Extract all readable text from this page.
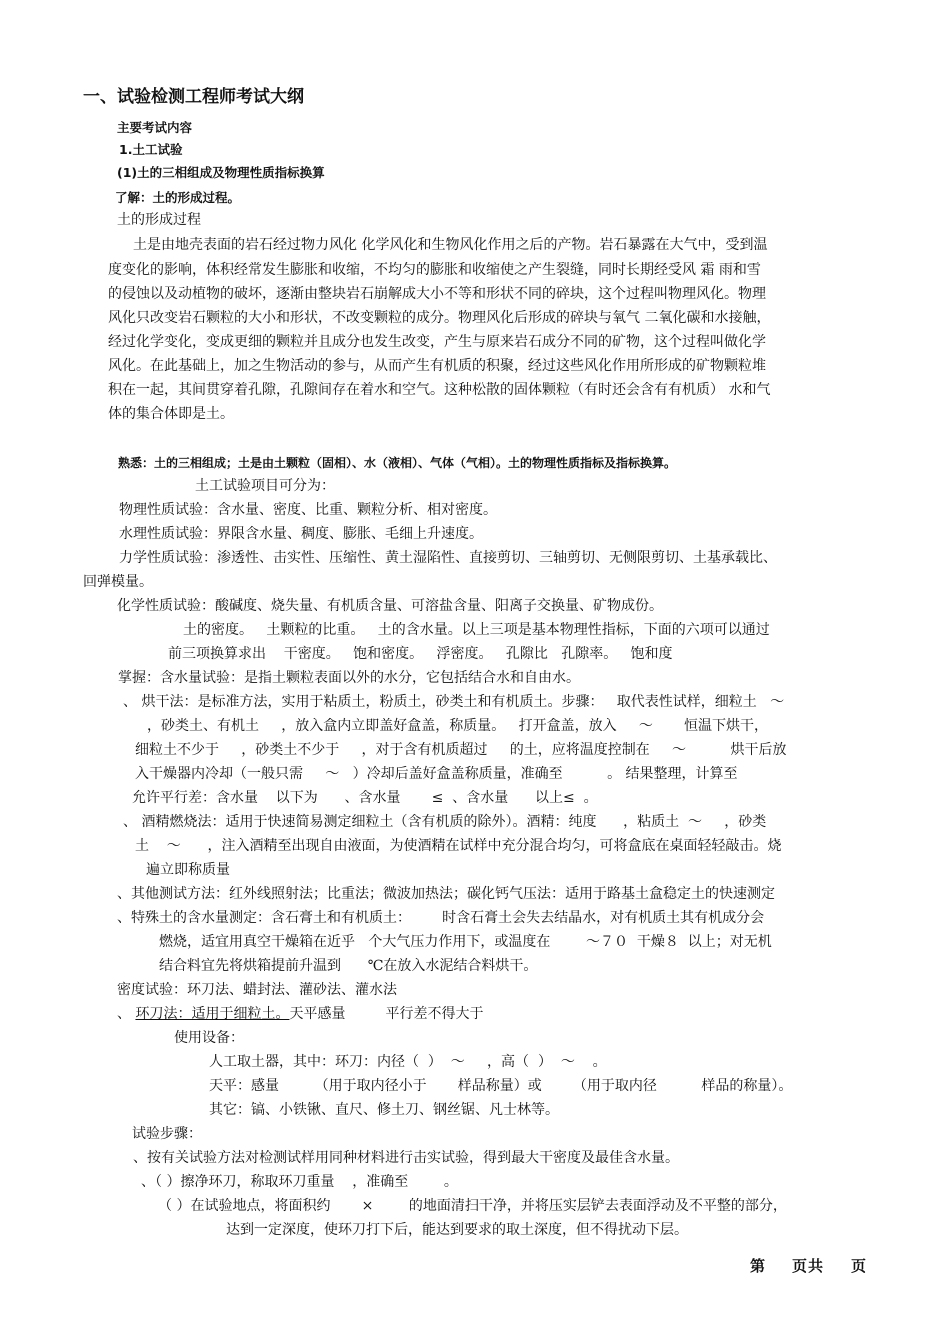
一、试验检测工程师考试大纲
主要考试内容
1.土工试验
(1)土的三相组成及物理性质指标换算
了解：土的形成过程。
土的形成过程
土是由地壳表面的岩石经过物力风化 化学风化和生物风化作用之后的产物。岩石暴露在大气中，受到温
度变化的影响，体积经常发生膨胀和收缩，不均匀的膨胀和收缩使之产生裂缝，同时长期经受风 霜 雨和雪
的侵蚀以及动植物的破坏，逐渐由整块岩石崩解成大小不等和形状不同的碎块，这个过程叫物理风化。物理
风化只改变岩石颗粒的大小和形状，不改变颗粒的成分。物理风化后形成的碎块与氧气 二氧化碳和水接触，
经过化学变化，变成更细的颗粒并且成分也发生改变，产生与原来岩石成分不同的矿物，这个过程叫做化学
风化。在此基础上，加之生物活动的参与，从而产生有机质的积聚，经过这些风化作用所形成的矿物颗粒堆
积在一起，其间贯穿着孔隙，孔隙间存在着水和空气。这种松散的固体颗粒（有时还会含有有机质） 水和气
体的集合体即是土。
熟悉：土的三相组成；土是由土颗粒（固相）、水（液相）、气体（气相）。土的物理性质指标及指标换算。
土工试验项目可分为：
物理性质试验：含水量、密度、比重、颗粒分析、相对密度。
水理性质试验：界限含水量、稠度、膨胀、毛细上升速度。
力学性质试验：渗透性、击实性、压缩性、黄土湿陷性、直接剪切、三轴剪切、无侧限剪切、土基承载比、
回弹模量。
化学性质试验：酸碱度、烧失量、有机质含量、可溶盐含量、阳离子交换量、矿物成份。
土的密度。   土颗粒的比重。   土的含水量。以上三项是基本物理性指标，下面的六项可以通过
前三项换算求出    干密度。   饱和密度。   浮密度。   孔隙比   孔隙率。   饱和度
掌握：含水量试验：是指土颗粒表面以外的水分，它包括结合水和自由水。
、 烘干法：是标准方法，实用于粘质土，粉质土，砂类土和有机质土。步骤：   取代表性试样，细粒土   ～
，砂类土、有机土     ，放入盒内立即盖好盒盖，称质量。   打开盒盖，放入     ～       恒温下烘干，
细粒土不少于     ，砂类土不少于     ，对于含有机质超过     的土，应将温度控制在     ～          烘干后放
入干燥器内冷却（一般只需     ～   ）冷却后盖好盒盖称质量，准确至          。 结果整理，计算至
允许平行差：含水量    以下为      、含水量       ≤  、含水量      以上≤  。
、 酒精燃烧法：适用于快速简易测定细粒土（含有机质的除外）。酒精：纯度      ，粘质土  ～     ，砂类
土    ～      ，注入酒精至出现自由液面，为使酒精在试样中充分混合均匀，可将盒底在桌面轻轻敲击。烧
遍立即称质量
、其他测试方法：红外线照射法；比重法；微波加热法；碳化钙气压法：适用于路基土盒稳定土的快速测定
、特殊土的含水量测定：含石膏土和有机质土：       时含石膏土会失去结晶水，对有机质土其有机成分会
燃烧，适宜用真空干燥箱在近乎   个大气压力作用下，或温度在        ～７０  干燥８  以上；对无机
结合料宜先将烘箱提前升温到      ℃在放入水泥结合料烘干。
密度试验：环刀法、蜡封法、灌砂法、灌水法
、 环刀法：适用于细粒土。天平感量         平行差不得大于
使用设备：
人工取土器，其中：环刀：内径（  ）  ～     ，高（  ）  ～    。
天平：感量        （用于取内径小于       样品称量）或       （用于取内径          样品的称量）。
其它：镐、小铁锹、直尺、修土刀、钢丝锯、凡士林等。
试验步骤：
、按有关试验方法对检测试样用同种材料进行击实试验，得到最大干密度及最佳含水量。
、（ ）擦净环刀，称取环刀重量    ，准确至        。
（ ）在试验地点，将面积约       ×        的地面清扫干净，并将压实层铲去表面浮动及不平整的部分，
达到一定深度，使环刀打下后，能达到要求的取土深度，但不得扰动下层。
第 页共 页
